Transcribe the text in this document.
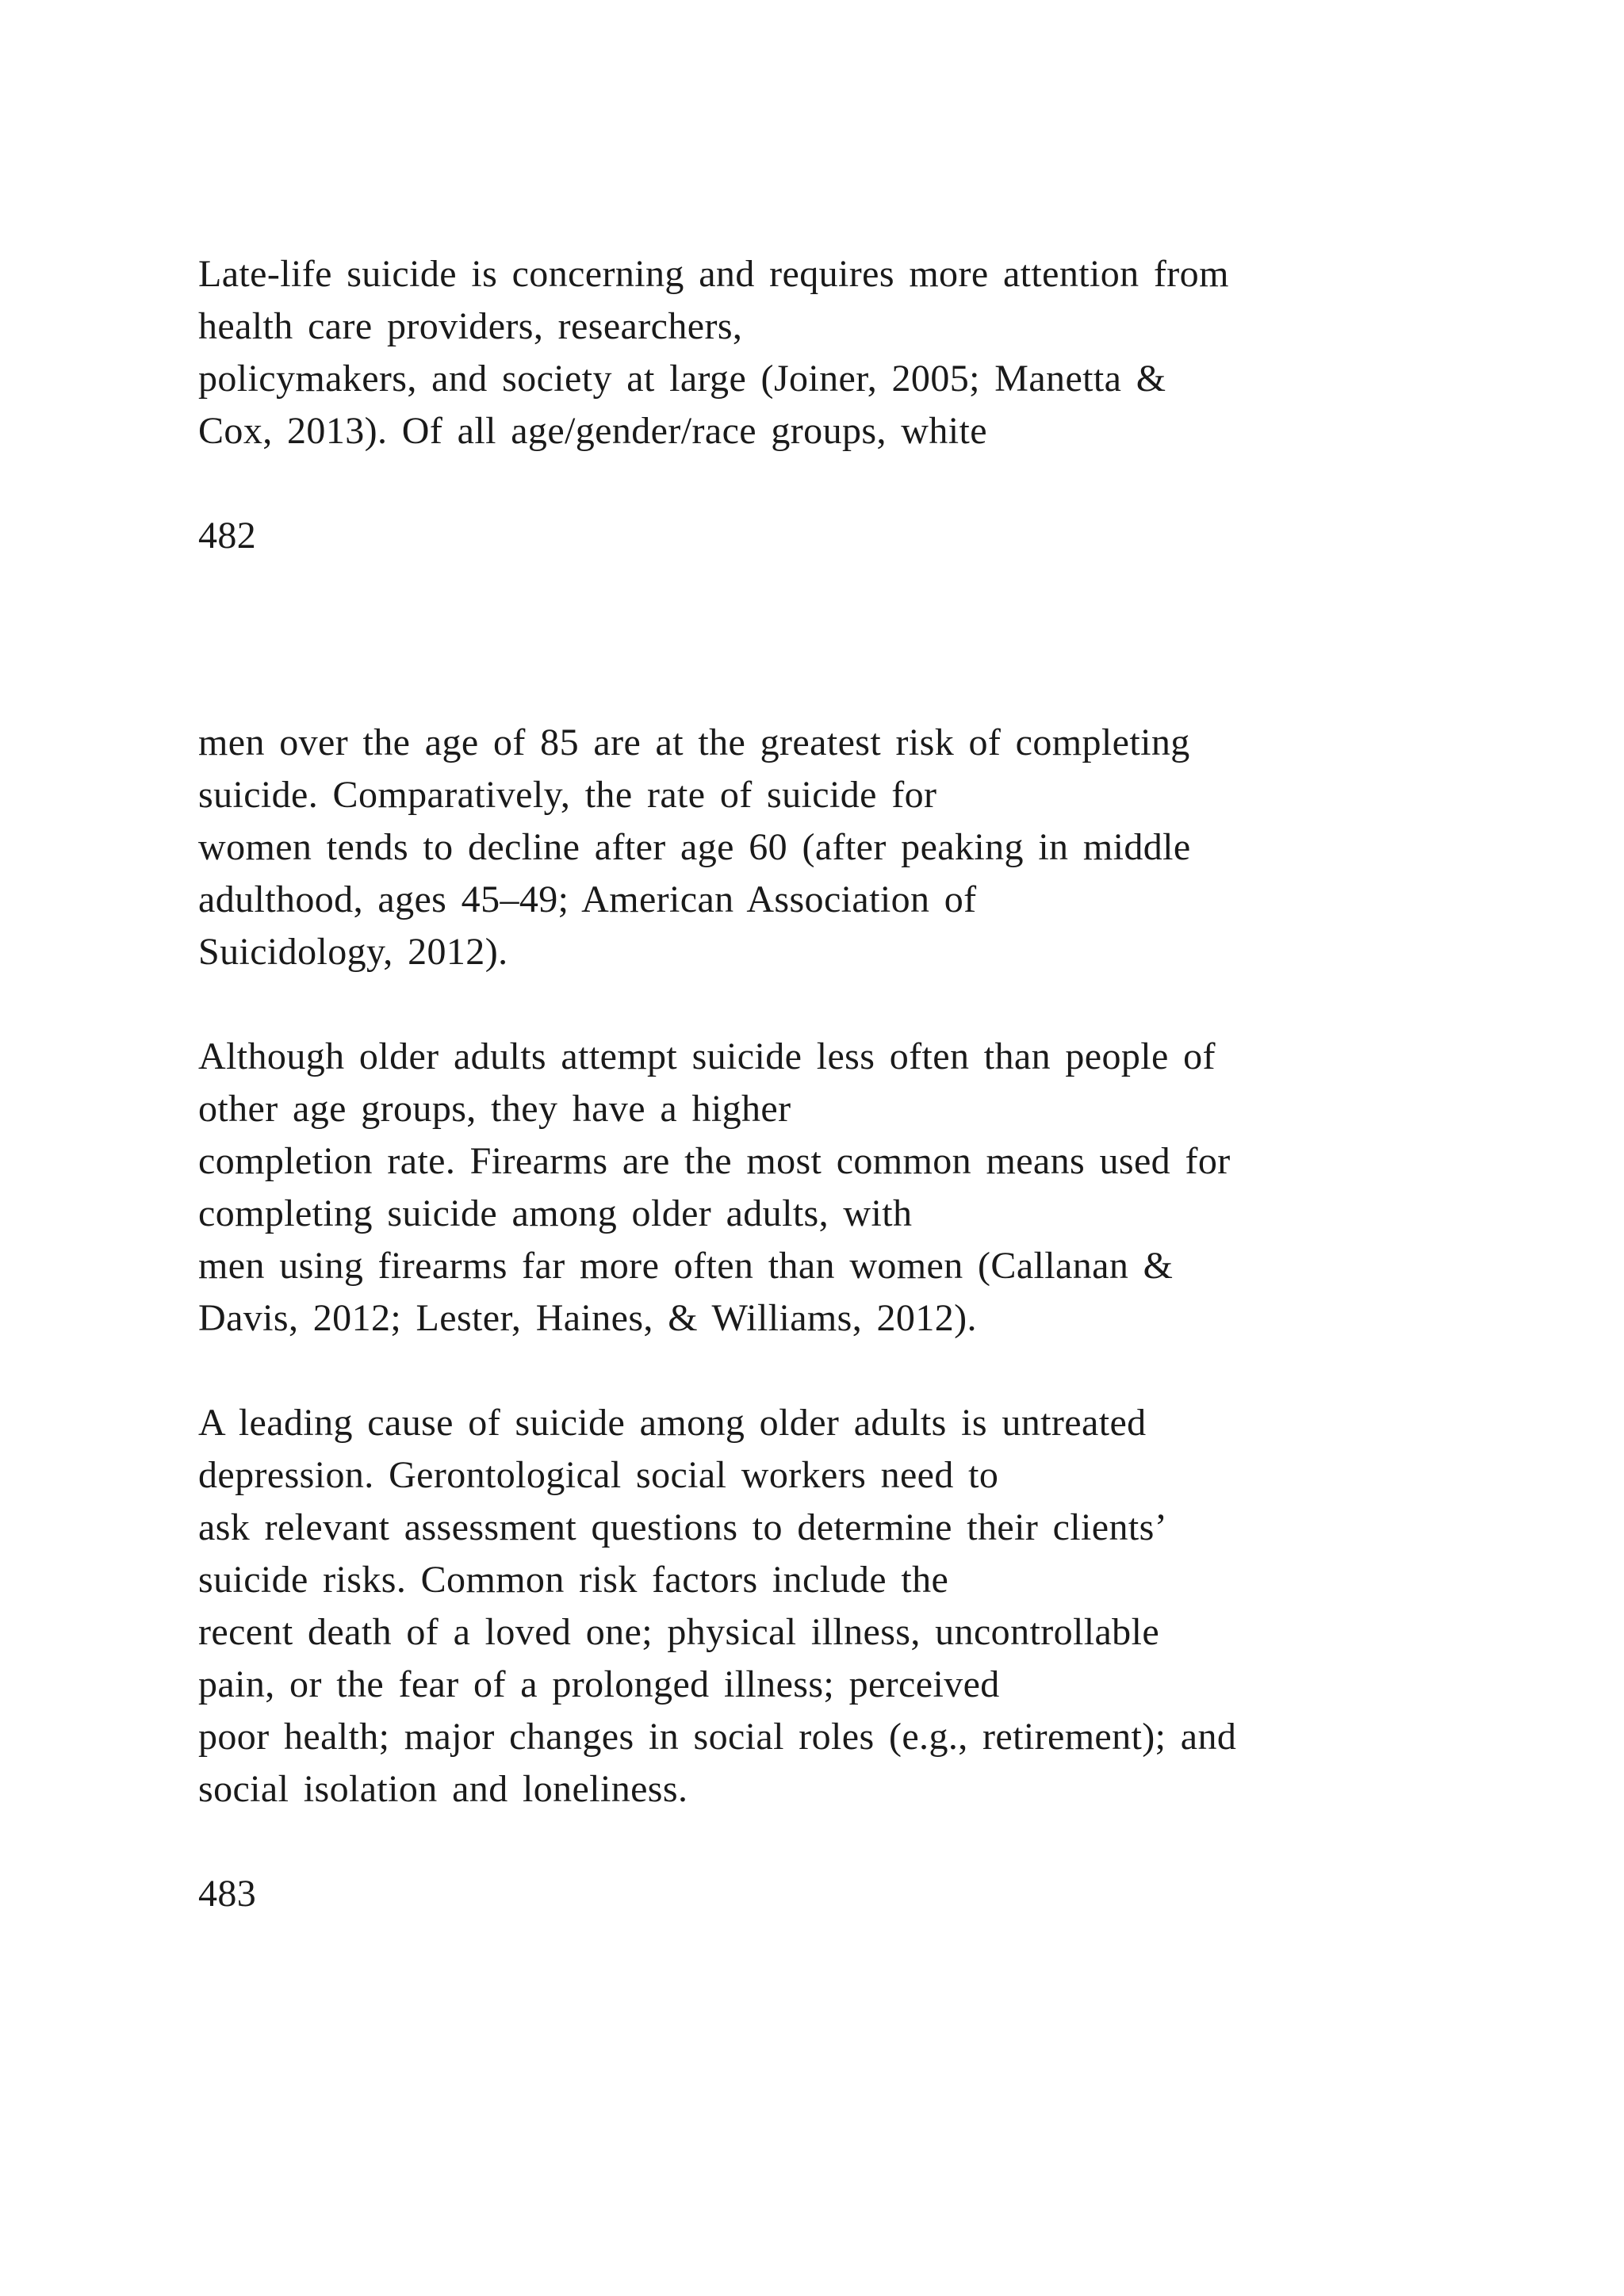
Late-life suicide is concerning and requires more attention from
health care providers, researchers,
policymakers, and society at large (Joiner, 2005; Manetta &
Cox, 2013). Of all age/gender/race groups, white
482
men over the age of 85 are at the greatest risk of completing
suicide. Comparatively, the rate of suicide for
women tends to decline after age 60 (after peaking in middle
adulthood, ages 45–49; American Association of
Suicidology, 2012).
Although older adults attempt suicide less often than people of
other age groups, they have a higher
completion rate. Firearms are the most common means used for
completing suicide among older adults, with
men using firearms far more often than women (Callanan &
Davis, 2012; Lester, Haines, & Williams, 2012).
A leading cause of suicide among older adults is untreated
depression. Gerontological social workers need to
ask relevant assessment questions to determine their clients’
suicide risks. Common risk factors include the
recent death of a loved one; physical illness, uncontrollable
pain, or the fear of a prolonged illness; perceived
poor health; major changes in social roles (e.g., retirement); and
social isolation and loneliness.
483
